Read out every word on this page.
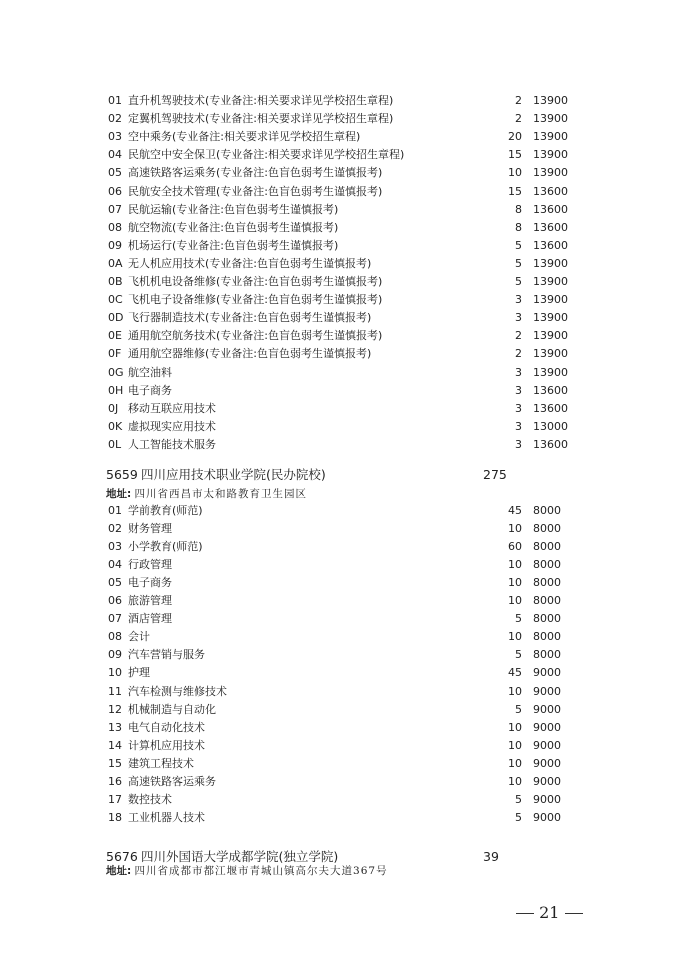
01 直升机驾驶技术(专业备注:相关要求详见学校招生章程)	2 13900
02 定翼机驾驶技术(专业备注:相关要求详见学校招生章程)	2 13900
03 空中乘务(专业备注:相关要求详见学校招生章程)	20 13900
04 民航空中安全保卫(专业备注:相关要求详见学校招生章程)	15 13900
05 高速铁路客运乘务(专业备注:色盲色弱考生谨慎报考)	10 13900
06 民航安全技术管理(专业备注:色盲色弱考生谨慎报考)	15 13600
07 民航运输(专业备注:色盲色弱考生谨慎报考)	8 13600
08 航空物流(专业备注:色盲色弱考生谨慎报考)	8 13600
09 机场运行(专业备注:色盲色弱考生谨慎报考)	5 13600
0A 无人机应用技术(专业备注:色盲色弱考生谨慎报考)	5 13900
0B 飞机机电设备维修(专业备注:色盲色弱考生谨慎报考)	5 13900
0C 飞机电子设备维修(专业备注:色盲色弱考生谨慎报考)	3 13900
0D 飞行器制造技术(专业备注:色盲色弱考生谨慎报考)	3 13900
0E 通用航空航务技术(专业备注:色盲色弱考生谨慎报考)	2 13900
0F 通用航空器维修(专业备注:色盲色弱考生谨慎报考)	2 13900
0G 航空油料	3 13900
0H 电子商务	3 13600
0J 移动互联应用技术	3 13600
0K 虚拟现实应用技术	3 13000
0L 人工智能技术服务	3 13600
5659 四川应用技术职业学院(民办院校)	275
地址: 四川省西昌市太和路教育卫生园区
01 学前教育(师范)	45 8000
02 财务管理	10 8000
03 小学教育(师范)	60 8000
04 行政管理	10 8000
05 电子商务	10 8000
06 旅游管理	10 8000
07 酒店管理	5 8000
08 会计	10 8000
09 汽车营销与服务	5 8000
10 护理	45 9000
11 汽车检测与维修技术	10 9000
12 机械制造与自动化	5 9000
13 电气自动化技术	10 9000
14 计算机应用技术	10 9000
15 建筑工程技术	10 9000
16 高速铁路客运乘务	10 9000
17 数控技术	5 9000
18 工业机器人技术	5 9000
5676 四川外国语大学成都学院(独立学院)	39
地址: 四川省成都市都江堰市青城山镇高尔夫大道367号
21
